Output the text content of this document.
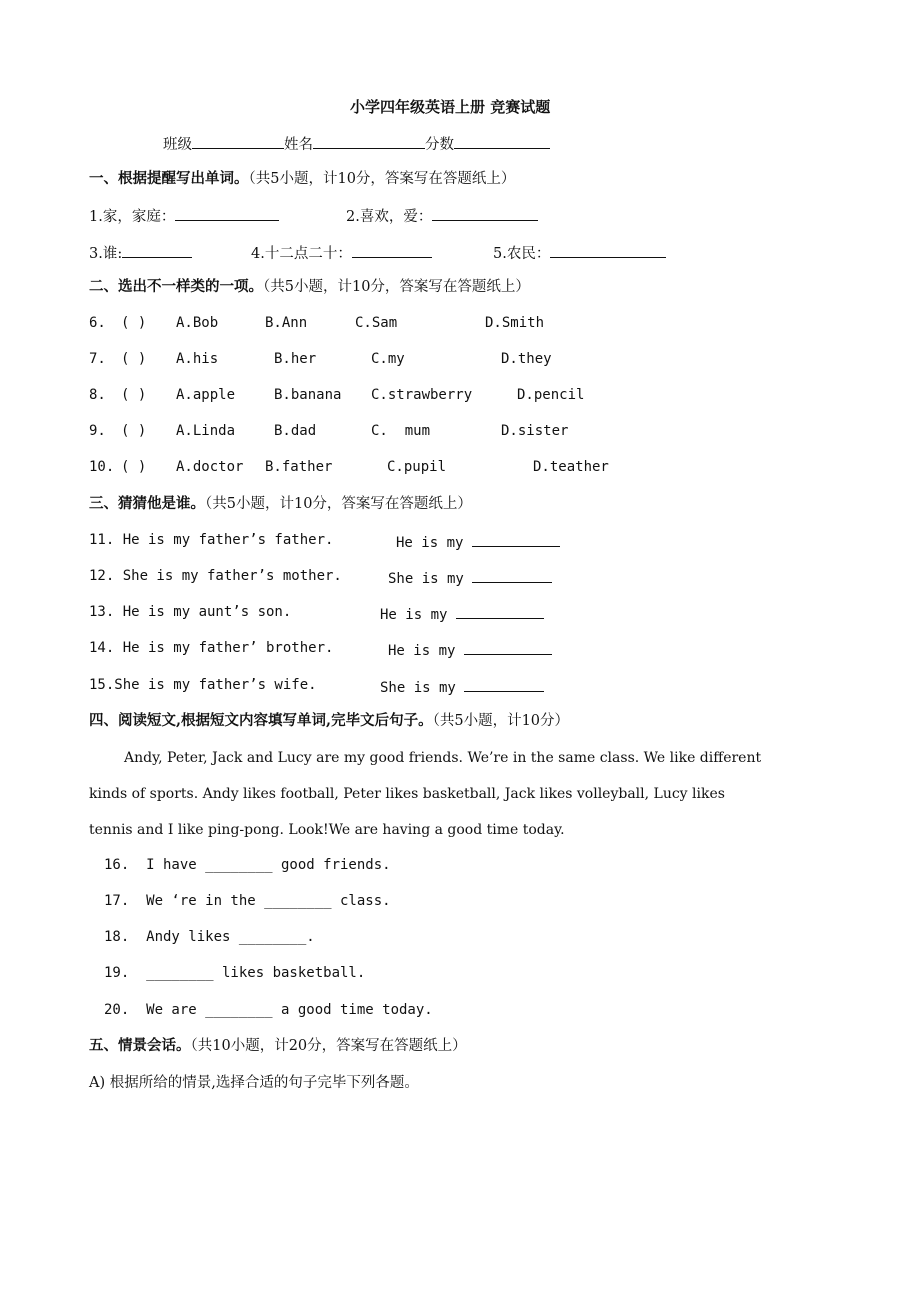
小学四年级英语上册 竞赛试题
班级	姓名	分数
一、根据提醒写出单词。（共5小题，计10分，答案写在答题纸上）
1.家，家庭：	2.喜欢，爱：
3.谁:	4.十二点二十：	5.农民：
二、选出不一样类的一项。（共5小题，计10分，答案写在答题纸上）
6. ( ) A.Bob	B.Ann	C.Sam	D.Smith
7. ( ) A.his	B.her	C.my	D.they
8. ( ) A.apple	B.banana C.strawberry	D.pencil
9. ( ) A.Linda	B.dad	C.  mum	D.sister
10. ( ) A.doctor B.father	C.pupil	D.teather
三、猜猜他是谁。（共5小题，计10分，答案写在答题纸上）
11. He is my father’s father.	He is my
12. She is my father’s mother.	She is my
13. He is my aunt’s son.	He is my
14. He is my father’ brother.	He is my
15.She is my father’s wife.	She is my
四、阅读短文,根据短文内容填写单词,完毕文后句子。（共5小题，计10分）
Andy, Peter, Jack and Lucy are my good friends. We’re in the same class. We like different
kinds of sports. Andy likes football, Peter likes basketball, Jack likes volleyball, Lucy likes
tennis and I like ping-pong. Look!We are having a good time today.
16.  I have ________ good friends.
17.  We ‘re in the ________ class.
18.  Andy likes ________.
19.  ________ likes basketball.
20.  We are ________ a good time today.
五、情景会话。（共10小题，计20分，答案写在答题纸上）
A) 根据所给的情景,选择合适的句子完毕下列各题。
